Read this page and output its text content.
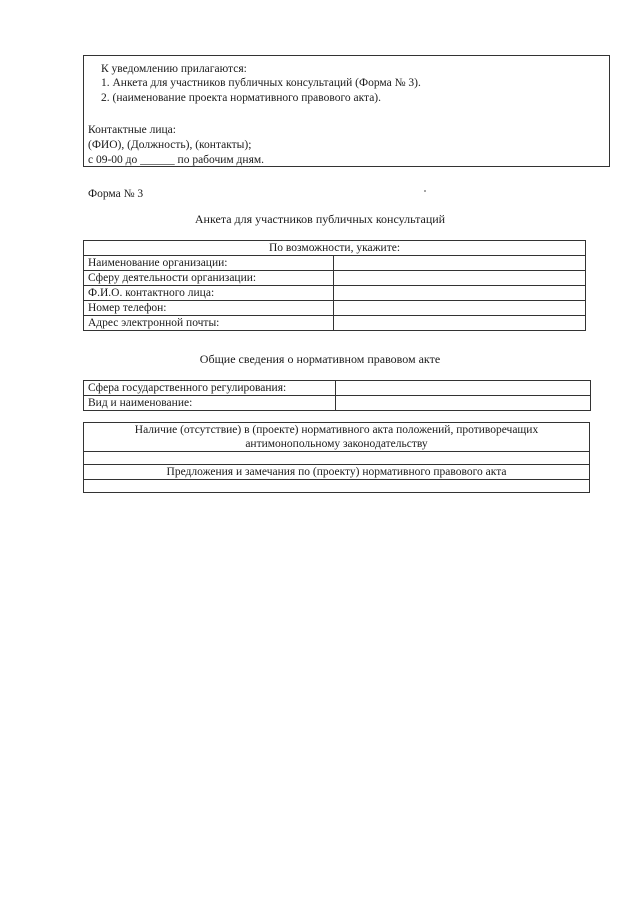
К уведомлению прилагаются:
1. Анкета для участников публичных консультаций (Форма № 3).
2. (наименование проекта нормативного правового акта).
Контактные лица:
(ФИО), (Должность), (контакты);
с 09-00 до ______ по рабочим дням.
Форма № 3
Анкета для участников публичных консультаций
По возможности, укажите:	
Наименование организации:	
Сферу деятельности организации:	
Ф.И.О. контактного лица:	
Номер телефон:	
Адрес электронной почты:	
Общие сведения о нормативном правовом акте
Сфера государственного регулирования:	
Вид и наименование:	
Наличие (отсутствие) в (проекте) нормативного акта положений, противоречащих антимонопольному законодательству

Предложения и замечания по (проекту) нормативного правового акта
